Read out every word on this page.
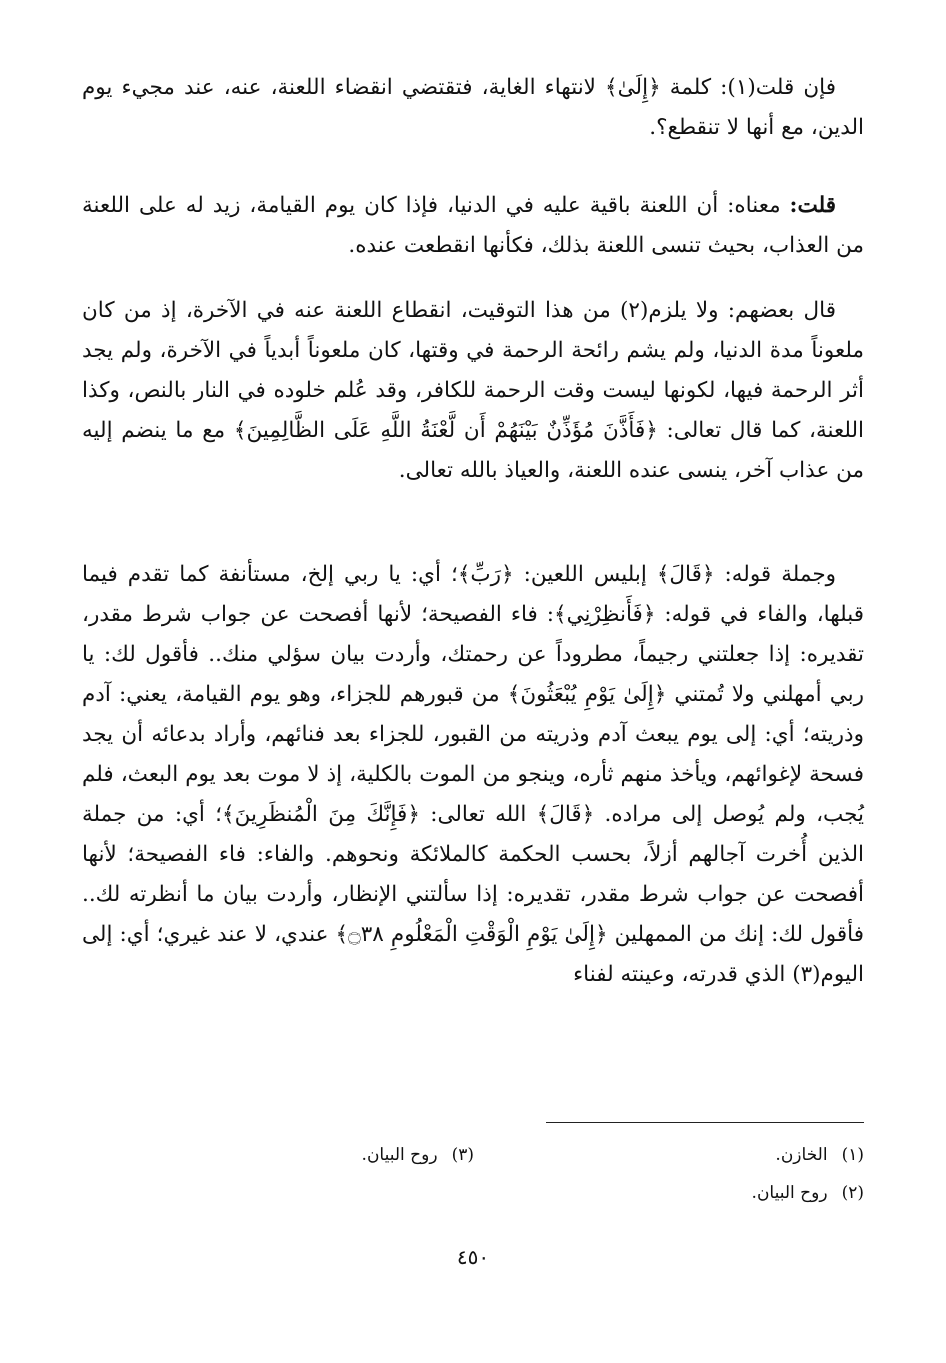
فإن قلت(١): كلمة ﴿إِلَىٰ﴾ لانتهاء الغاية، فتقتضي انقضاء اللعنة، عنه، عند مجيء يوم الدين، مع أنها لا تنقطع؟.

قلت: معناه: أن اللعنة باقية عليه في الدنيا، فإذا كان يوم القيامة، زيد له على اللعنة من العذاب، بحيث تنسى اللعنة بذلك، فكأنها انقطعت عنده.

قال بعضهم: ولا يلزم(٢) من هذا التوقيت، انقطاع اللعنة عنه في الآخرة، إذ من كان ملعوناً مدة الدنيا، ولم يشم رائحة الرحمة في وقتها، كان ملعوناً أبدياً في الآخرة، ولم يجد أثر الرحمة فيها، لكونها ليست وقت الرحمة للكافر، وقد عُلم خلوده في النار بالنص، وكذا اللعنة، كما قال تعالى: ﴿فَأَذَّنَ مُؤَذِّنٌ بَيْنَهُمْ أَن لَّعْنَةُ اللَّهِ عَلَى الظَّالِمِينَ﴾ مع ما ينضم إليه من عذاب آخر، ينسى عنده اللعنة، والعياذ بالله تعالى.

وجملة قوله: ﴿قَالَ﴾ إبليس اللعين: ﴿رَبِّ﴾؛ أي: يا ربي إلخ، مستأنفة كما تقدم فيما قبلها، والفاء في قوله: ﴿فَأَنظِرْنِي﴾: فاء الفصيحة؛ لأنها أفصحت عن جواب شرط مقدر، تقديره: إذا جعلتني رجيماً، مطروداً عن رحمتك، وأردت بيان سؤلي منك.. فأقول لك: يا ربي أمهلني ولا تُمتني ﴿إِلَىٰ يَوْمِ يُبْعَثُونَ﴾ من قبورهم للجزاء، وهو يوم القيامة، يعني: آدم وذريته؛ أي: إلى يوم يبعث آدم وذريته من القبور، للجزاء بعد فنائهم، وأراد بدعائه أن يجد فسحة لإغوائهم، ويأخذ منهم ثأره، وينجو من الموت بالكلية، إذ لا موت بعد يوم البعث، فلم يُجب، ولم يُوصل إلى مراده. ﴿قَالَ﴾ الله تعالى: ﴿فَإِنَّكَ مِنَ الْمُنظَرِينَ﴾؛ أي: من جملة الذين أُخرت آجالهم أزلاً، بحسب الحكمة كالملائكة ونحوهم. والفاء: فاء الفصيحة؛ لأنها أفصحت عن جواب شرط مقدر، تقديره: إذا سألتني الإنظار، وأردت بيان ما أنظرته لك.. فأقول لك: إنك من الممهلين ﴿إِلَىٰ يَوْمِ الْوَقْتِ الْمَعْلُومِ ۝٣٨﴾ عندي، لا عند غيري؛ أي: إلى اليوم(٣) الذي قدرته، وعينته لفناء

(١)الخازن.
(٣)روح البيان.
(٢)روح البيان.
٤٥٠
